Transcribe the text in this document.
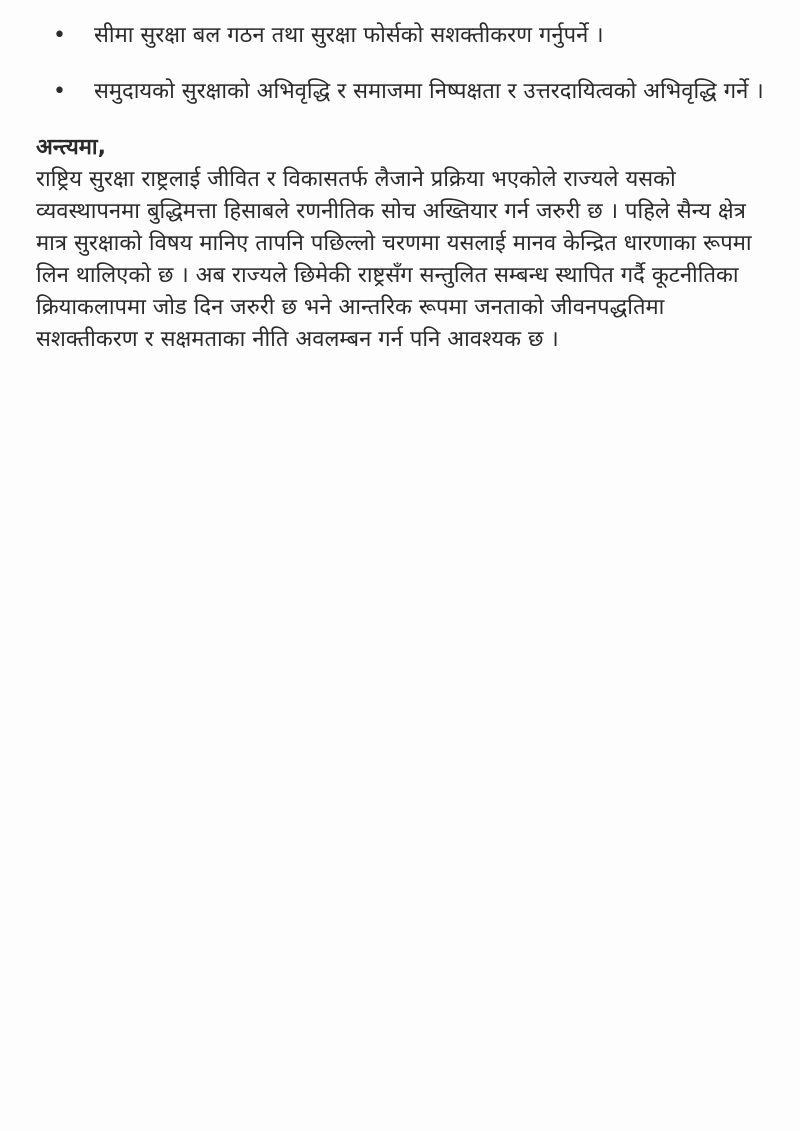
• सीमा सुरक्षा बल गठन तथा सुरक्षा फोर्सको सशक्तीकरण गर्नुपर्ने ।
• समुदायको सुरक्षाको अभिवृद्धि र समाजमा निष्पक्षता र उत्तरदायित्वको अभिवृद्धि गर्ने ।
अन्त्यमा,

राष्ट्रिय सुरक्षा राष्ट्रलाई जीवित र विकासतर्फ लैजाने प्रक्रिया भएकोले राज्यले यसको व्यवस्थापनमा बुद्धिमत्ता हिसाबले रणनीतिक सोच अख्तियार गर्न जरुरी छ । पहिले सैन्य क्षेत्र मात्र सुरक्षाको विषय मानिए तापनि पछिल्लो चरणमा यसलाई मानव केन्द्रित धारणाका रूपमा लिन थालिएको छ । अब राज्यले छिमेकी राष्ट्रसँग सन्तुलित सम्बन्ध स्थापित गर्दै कूटनीतिका क्रियाकलापमा जोड दिन जरुरी छ भने आन्तरिक रूपमा जनताको जीवनपद्धतिमा सशक्तीकरण र सक्षमताका नीति अवलम्बन गर्न पनि आवश्यक छ ।
